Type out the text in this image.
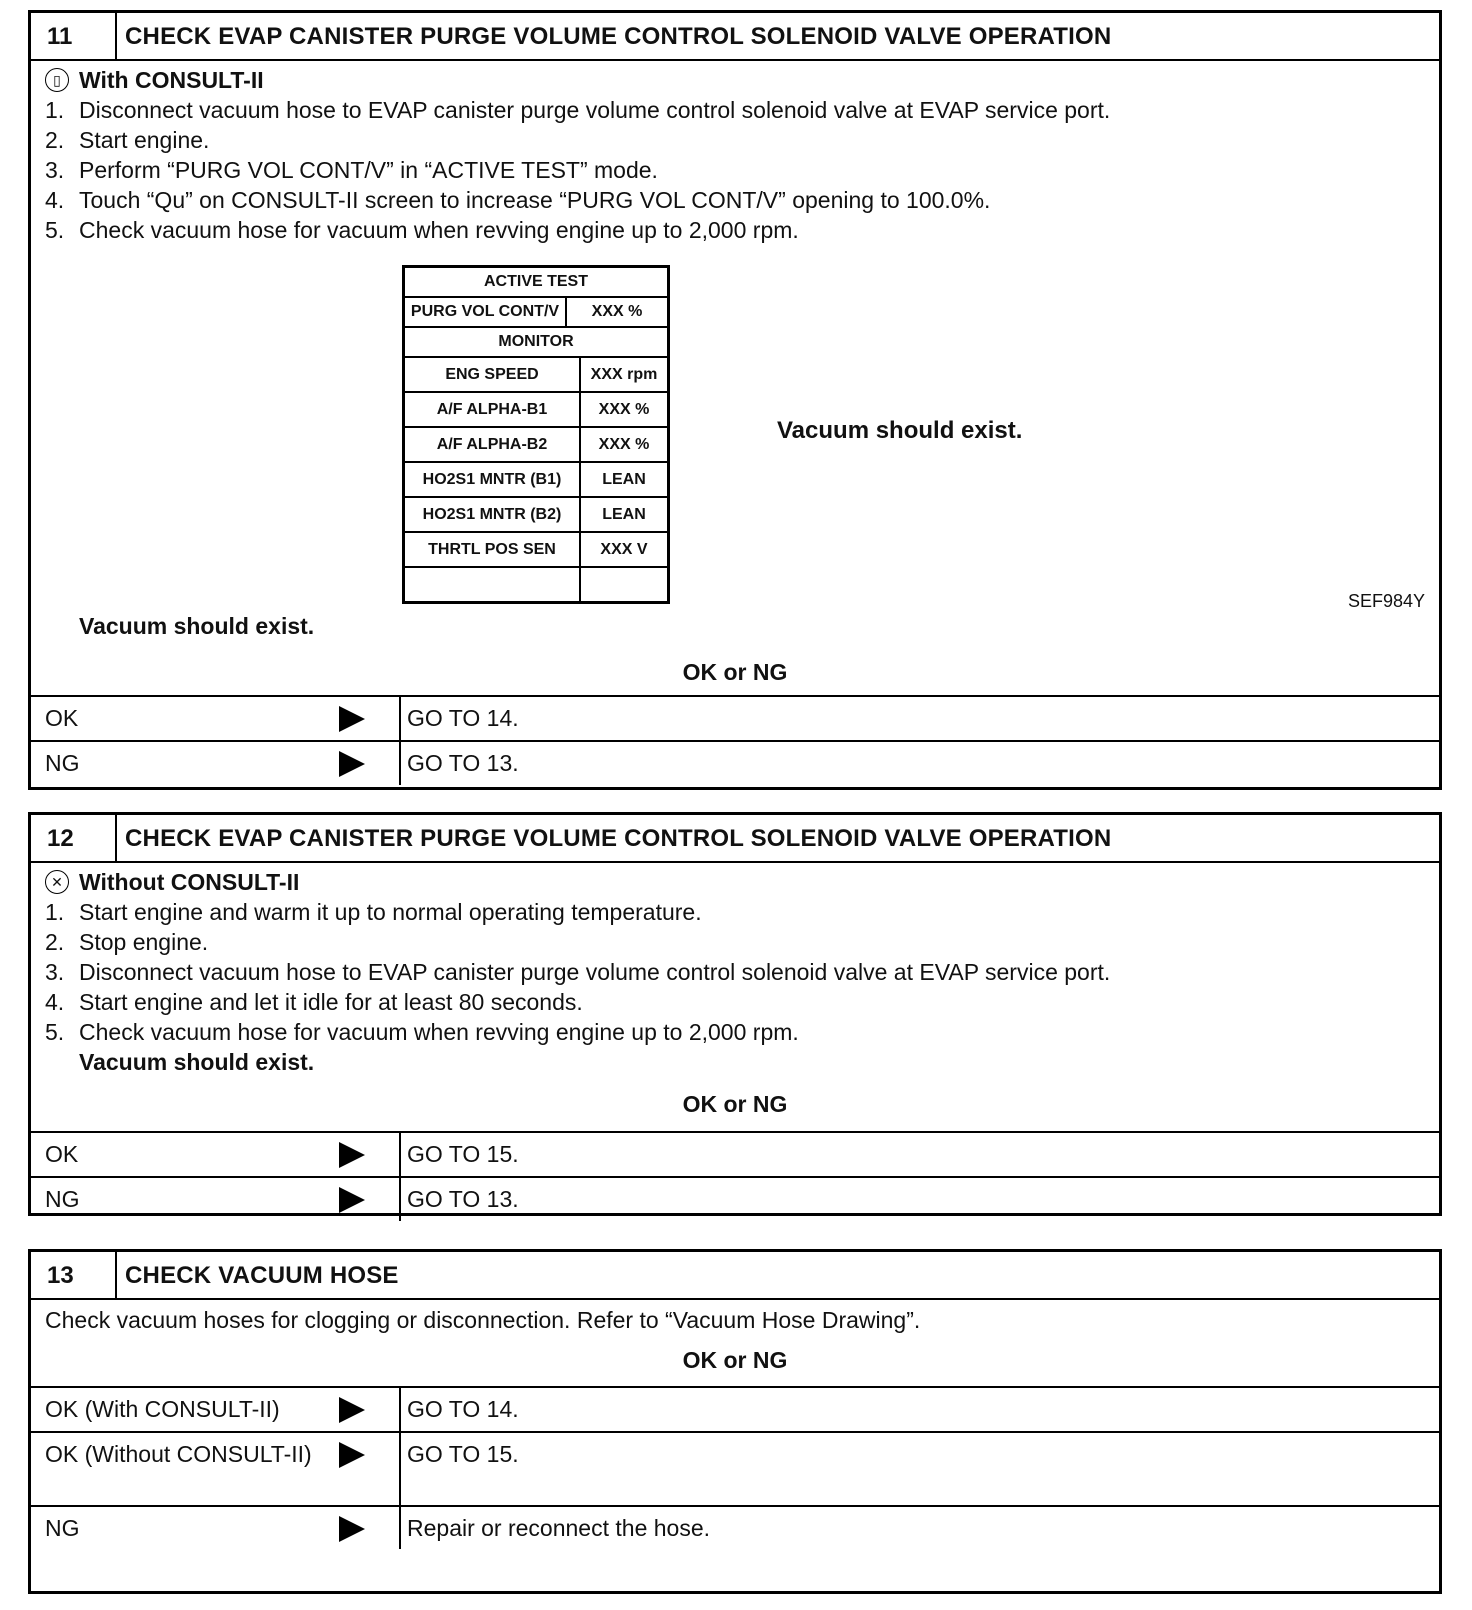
11	CHECK EVAP CANISTER PURGE VOLUME CONTROL SOLENOID VALVE OPERATION
▯ With CONSULT-II
1. Disconnect vacuum hose to EVAP canister purge volume control solenoid valve at EVAP service port.
2. Start engine.
3. Perform “PURG VOL CONT/V” in “ACTIVE TEST” mode.
4. Touch “Qu” on CONSULT-II screen to increase “PURG VOL CONT/V” opening to 100.0%.
5. Check vacuum hose for vacuum when revving engine up to 2,000 rpm.
ACTIVE TEST
PURG VOL CONT/V	XXX %
MONITOR
ENG SPEED	XXX rpm
A/F ALPHA-B1	XXX %
A/F ALPHA-B2	XXX %
HO2S1 MNTR (B1)	LEAN
HO2S1 MNTR (B2)	LEAN
THRTL POS SEN	XXX V
Vacuum should exist.
SEF984Y
Vacuum should exist.
OK or NG
OK	GO TO 14.
NG	GO TO 13.
12	CHECK EVAP CANISTER PURGE VOLUME CONTROL SOLENOID VALVE OPERATION
✕ Without CONSULT-II
1. Start engine and warm it up to normal operating temperature.
2. Stop engine.
3. Disconnect vacuum hose to EVAP canister purge volume control solenoid valve at EVAP service port.
4. Start engine and let it idle for at least 80 seconds.
5. Check vacuum hose for vacuum when revving engine up to 2,000 rpm.
Vacuum should exist.
OK or NG
OK	GO TO 15.
NG	GO TO 13.
13	CHECK VACUUM HOSE
Check vacuum hoses for clogging or disconnection. Refer to “Vacuum Hose Drawing”.
OK or NG
OK (With CONSULT-II)	GO TO 14.
OK (Without CONSULT-II)	GO TO 15.
NG	Repair or reconnect the hose.
